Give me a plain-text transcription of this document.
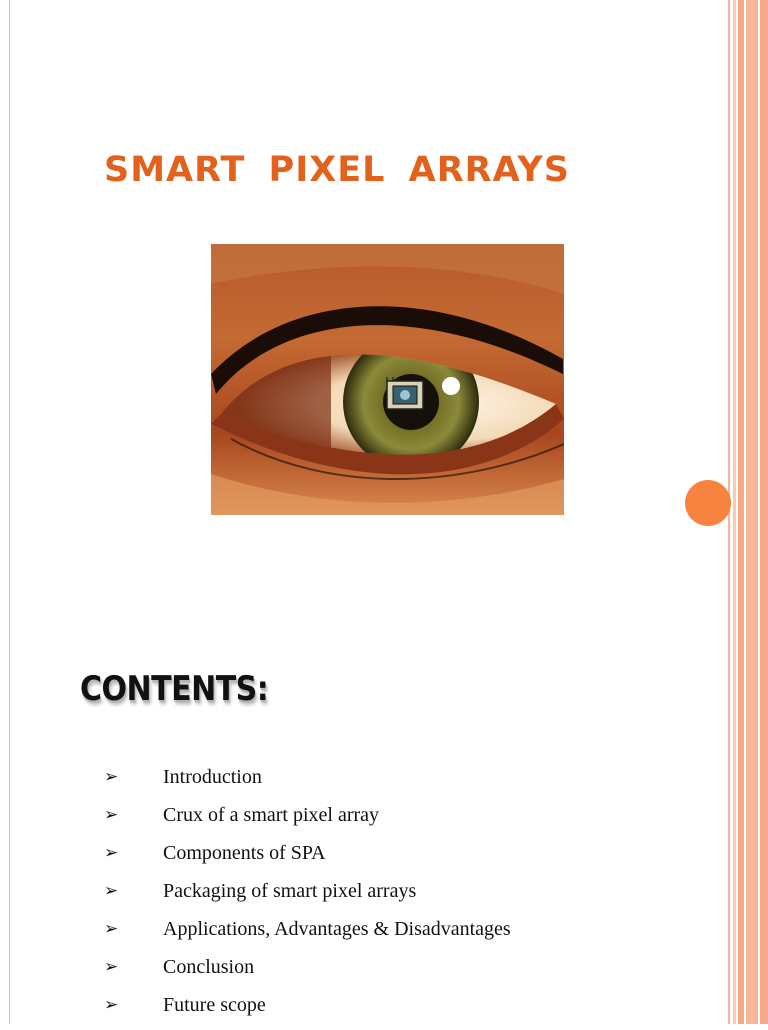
SMART PIXEL ARRAYS
CONTENTS:
➢	Introduction
➢	Crux of a smart pixel array
➢	Components of SPA
➢	Packaging of smart pixel arrays
➢	Applications, Advantages & Disadvantages
➢	Conclusion
➢	Future scope
